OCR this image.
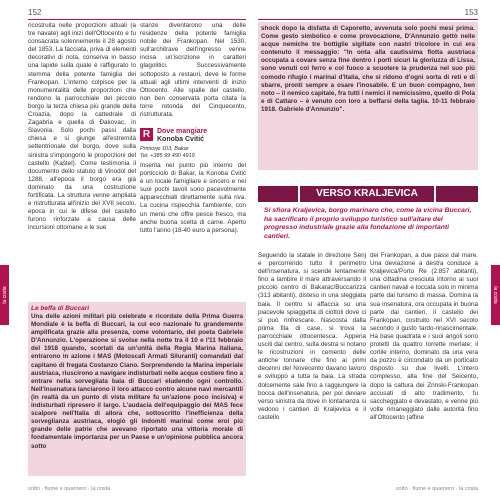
152
ricostruita nelle proporzioni attuali (a tre navate) agli inizi dell'Ottocento e fu consacrata solennemente il 28 agosto del 1853. La facciata, priva di elementi decorativi di nota, conserva in basso una lapide sulla quale è raffigurato lo stemma della potente famiglia dei Frankopan. L'interno colpisce per la monumentalità delle proporzioni che rendono la parrocchiale del piccolo borgo la terza chiesa più grande della Croazia, dopo la cattedrale di Zagabria e quella di Đakovac, in Slavonia. Solo pochi passi dalla chiesa e si giunge all'estremità settentrionale del borgo, dove sulla sinistra s'impongono le proporzioni del castello (Kaštel). Come testimonia il documento dello statuto di Vinodol del 1288, all'epoca il borgo era già dominato da una costruzione fortificata. La struttura venne ampliata e ristrutturata all'inizio del XVII secolo, epoca in cui le difese del castello furono rinforzate a causa delle incursioni ottomane e le sue
stanze diventarono una delle residenze della potente famiglia nobile dei Frankopan. Nel 1530, sull'architrave dell'ingresso venne incisa un'iscrizione in caratteri glagolitici. Successivamente sottoposto a restauri, deve le forme attuali agli ultimi interventi di inizio Ottocento. Alle spalle del castello, non ben conservata porta citata la torre rotonda del Cinquecento, ristrutturata.
R Dove mangiare
Konoba Cvitić
Primorje 103, Bakar
Tel. +385 99 490 4919
Inserita nel punto più interno del porticciolo di Bakar, la Konoba Cvitić è un locale famigliare e sincero e nei suoi pochi tavoli sono pacevolmente apparecchiati direttamente sulla riva. La cucina rispecchia l'ambiente, con un menù che offre pesce fresco, ma anche buona scelta di carne. Aperto tutto l'anno (18-40 euro a persona).
la costa
Le beffa di Buccari
Una delle azioni militari più celebrate e ricordate della Prima Guerra Mondiale è la beffa di Buccari, la cui eco nazionale fu grandemente amplificata grazie alla presenza, come volontario, del poeta Gabriele D'Annunzio. L'operazione si svolse nella notte tra il 10 e l'11 febbraio del 1918 quando, scortati da un'unità della Regia Marina italiana, entrarono in azione i MAS (Motoscafi Armati Siluranti) comandati dal capitano di fregata Costanzo Ciano. Sorprendendo la Marina imperiale austriaca, riuscirono a navigare indisturbati nelle acque costiere fino a entrare nella sorvegliata baia di Buccari eludendo ogni controllo. Nell'insenatura lanciarono il loro attacco contro alcune navi mercantili (in realtà da un punto di vista militare fu un'azione poco incisiva) e indisturbati ripresero il largo. L'audacia dell'equipaggio dei MAS fece scalpore nell'Italia di allora che, sottoscritto l'inefficienza della sorveglianza austriaca, elogiò gli indomiti marinai come eroi più grande delle patrie che avevano riportato una vittoria morale di fondamentale importanza per un Paese e un'opinione pubblica ancora sotto
sotto · fiume e quarnero · la costa
153
shock dopo la disfatta di Caporetto, avvenuta solo pochi mesi prima. Come gesto simbolico e come provocazione, D'Annunzio gettò nelle acque nemiche tre bottiglie sigillate con nastri tricolore in cui era contenuto il messaggio: "In onta alla cautissima flotta austriaca occupata a covare senza fine dentro i porti sicuri la gloriuzza di Lissa, sono venuti col ferro e col fuoco a scuotere la prudenza nel suo più comodo rifugio i marinai d'Italia, che si ridono d'ogni sorta di reti e di sbarre, pronti sempre a osare l'inosabile. E un buon compagno, ben noto – il nemico capitale, fra tutti i nemici il nemicissimo, quello di Pola e di Cattaro – è venuto con loro a beffarsi della taglia. 10-11 febbraio 1918. Gabriele d'Annunzio".
VERSO KRALJEVICA
Si sfiora Kraljevica, borgo marinaro che, come la vicina Buccari, ha sacrificato il proprio sviluppo turistico sull'altare del progresso industriale grazie alla fondazione di importanti cantieri.
Seguendo la statale in direzione Senj e percorrendo tutto il perimetro dell'insenatura, si scende lentamente fino a lambire il mare attraversando il piccolo centro di Bakarac/Buccarizza (313 abitanti), disteso in una sleggiata baia. Il centro si affaccia su una piacevole spiaggetta di ciottoli dove ci si può rinfrescare. Nascosta dalla prima fila di case, si trova la parrocchiale ottocentesca. Appena usciti dal centro, sulla destra si notano le ricostruzioni in cemento delle antiche tonnare che fino ai primi decenni del Novecento davano lavoro e sviluppo a tutta la baia. La strada dolcemente sale fino a raggiungere la bocca dell'insenatura, per poi deviare verso sinistra da dove in lontananza si vedono i cantieri di Kraljevica e il castello
dei Frankopan, a due passi dal mare. Una deviazione a destra conduce a Kraljevica/Porto Re (2.857 abitanti), una cittadina cresciuta intorno ai suoi cantieri navali e toccata solo in minima parte dal turismo di massa. Domina la sua insenatura, ora occupata in buona parte dai cantieri, il castello dei Frankopan, costruito nel XVI secolo secondo il gusto tardo-rinascimentale. Ha base quadrata e i suoi angoli sono protetti da quattro torrette merlate; il cortile interno, dominato da una vera da pozzo è circondato da un porticato disposto su due livelli. L'intero complesso, alla fine del Seicento, dopo la cattura dei Zrinski-Frankopan accusati di alto tradimento, fu saccheggiato e devastato, e venne più volte rimaneggiato dalle autorità fino all'Ottocento (affine
la costa
sotto · fiume e quarnero · la costa
